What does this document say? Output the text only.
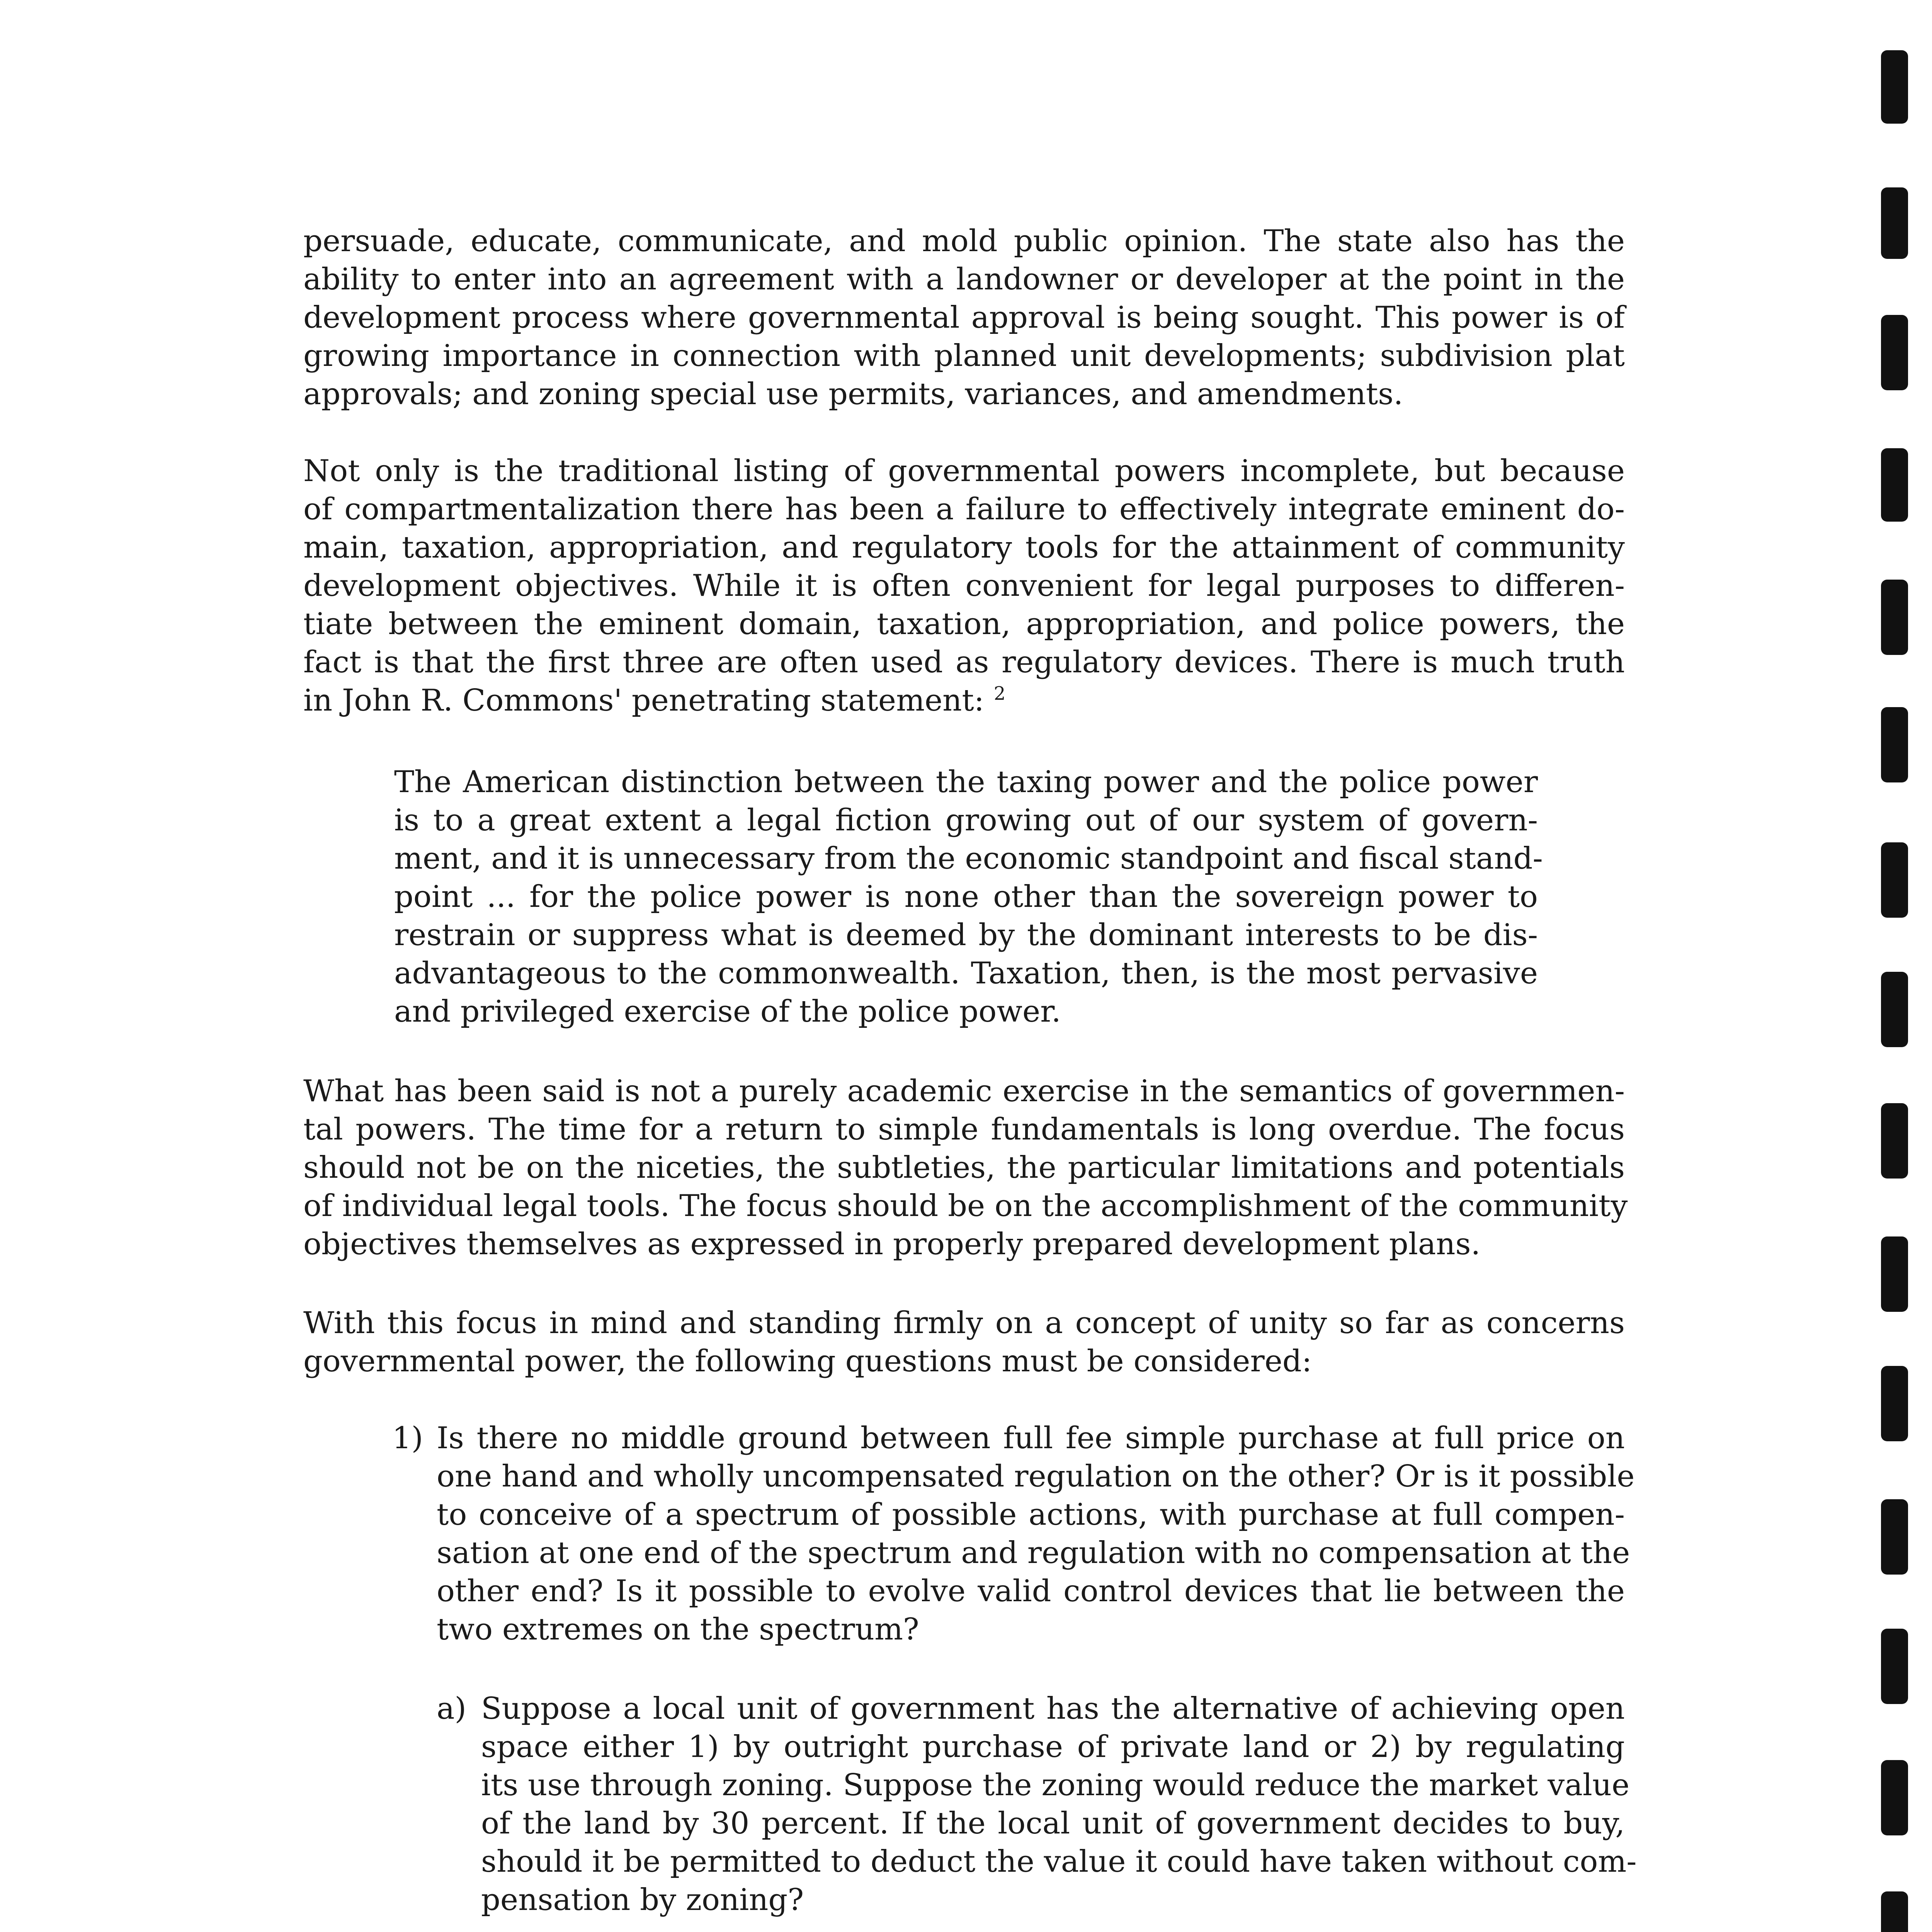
persuade, educate, communicate, and mold public opinion. The state also has the
ability to enter into an agreement with a landowner or developer at the point in the
development process where governmental approval is being sought. This power is of
growing importance in connection with planned unit developments; subdivision plat
approvals; and zoning special use permits, variances, and amendments.
Not only is the traditional listing of governmental powers incomplete, but because
of compartmentalization there has been a failure to effectively integrate eminent do-
main, taxation, appropriation, and regulatory tools for the attainment of community
development objectives. While it is often convenient for legal purposes to differen-
tiate between the eminent domain, taxation, appropriation, and police powers, the
fact is that the first three are often used as regulatory devices. There is much truth
in John R. Commons' penetrating statement: $^2$
The American distinction between the taxing power and the police power
is to a great extent a legal fiction growing out of our system of govern-
ment, and it is unnecessary from the economic standpoint and fiscal stand-
point ... for the police power is none other than the sovereign power to
restrain or suppress what is deemed by the dominant interests to be dis-
advantageous to the commonwealth. Taxation, then, is the most pervasive
and privileged exercise of the police power.
What has been said is not a purely academic exercise in the semantics of governmen-
tal powers. The time for a return to simple fundamentals is long overdue. The focus
should not be on the niceties, the subtleties, the particular limitations and potentials
of individual legal tools. The focus should be on the accomplishment of the community
objectives themselves as expressed in properly prepared development plans.
With this focus in mind and standing firmly on a concept of unity so far as concerns
governmental power, the following questions must be considered:
1) Is there no middle ground between full fee simple purchase at full price on
one hand and wholly uncompensated regulation on the other? Or is it possible
to conceive of a spectrum of possible actions, with purchase at full compen-
sation at one end of the spectrum and regulation with no compensation at the
other end? Is it possible to evolve valid control devices that lie between the
two extremes on the spectrum?
a) Suppose a local unit of government has the alternative of achieving open
space either 1) by outright purchase of private land or 2) by regulating
its use through zoning. Suppose the zoning would reduce the market value
of the land by 30 percent. If the local unit of government decides to buy,
should it be permitted to deduct the value it could have taken without com-
pensation by zoning?
